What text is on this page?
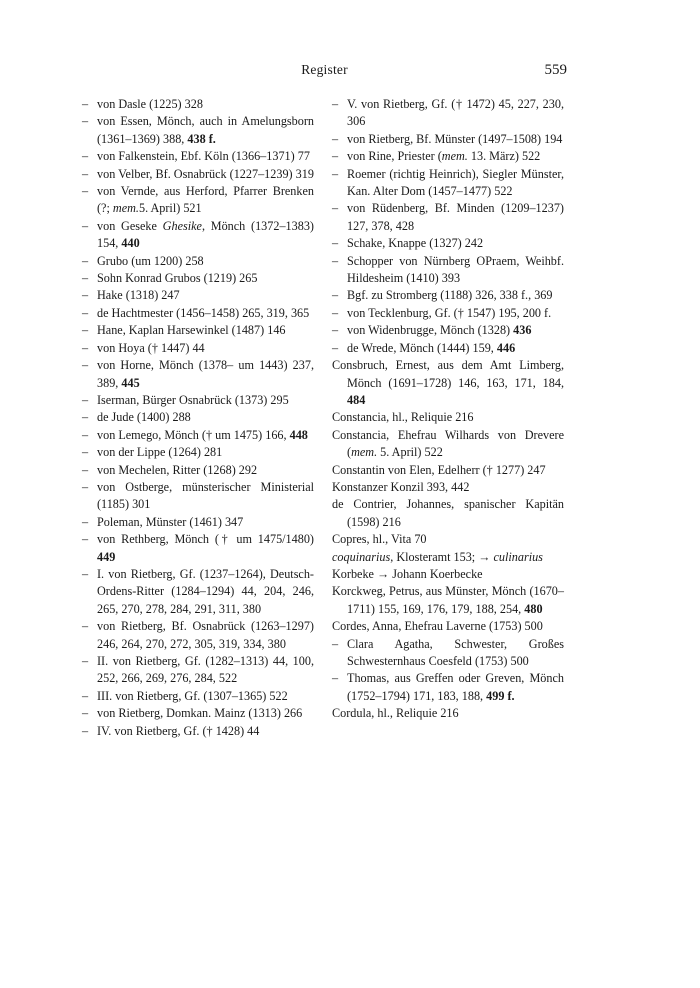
Register	559

– von Dasle (1225) 328

– von Essen, Mönch, auch in Amelungsborn (1361–1369) 388, 438 f.

– von Falkenstein, Ebf. Köln (1366–1371) 77

– von Velber, Bf. Osnabrück (1227–1239) 319

– von Vernde, aus Herford, Pfarrer Brenken (?; mem.5. April) 521

– von Geseke Ghesike, Mönch (1372–1383) 154, 440

– Grubo (um 1200) 258

– Sohn Konrad Grubos (1219) 265

– Hake (1318) 247

– de Hachtmester (1456–1458) 265, 319, 365

– Hane, Kaplan Harsewinkel (1487) 146

– von Hoya († 1447) 44

– von Horne, Mönch (1378– um 1443) 237, 389, 445

– Iserman, Bürger Osnabrück (1373) 295

– de Jude (1400) 288

– von Lemego, Mönch († um 1475) 166, 448

– von der Lippe (1264) 281

– von Mechelen, Ritter (1268) 292

– von Ostberge, münsterischer Ministerial (1185) 301

– Poleman, Münster (1461) 347

– von Rethberg, Mönch († um 1475/1480) 449

– I. von Rietberg, Gf. (1237–1264), Deutsch-Ordens-Ritter (1284–1294) 44, 204, 246, 265, 270, 278, 284, 291, 311, 380

– von Rietberg, Bf. Osnabrück (1263–1297) 246, 264, 270, 272, 305, 319, 334, 380

– II. von Rietberg, Gf. (1282–1313) 44, 100, 252, 266, 269, 276, 284, 522

– III. von Rietberg, Gf. (1307–1365) 522

– von Rietberg, Domkan. Mainz (1313) 266

– IV. von Rietberg, Gf. († 1428) 44

– V. von Rietberg, Gf. († 1472) 45, 227, 230, 306

– von Rietberg, Bf. Münster (1497–1508) 194

– von Rine, Priester (mem. 13. März) 522

– Roemer (richtig Heinrich), Siegler Münster, Kan. Alter Dom (1457–1477) 522

– von Rüdenberg, Bf. Minden (1209–1237) 127, 378, 428

– Schake, Knappe (1327) 242

– Schopper von Nürnberg OPraem, Weihbf. Hildesheim (1410) 393

– Bgf. zu Stromberg (1188) 326, 338 f., 369

– von Tecklenburg, Gf. († 1547) 195, 200 f.

– von Widenbrugge, Mönch (1328) 436

– de Wrede, Mönch (1444) 159, 446

Consbruch, Ernest, aus dem Amt Limberg, Mönch (1691–1728) 146, 163, 171, 184, 484

Constancia, hl., Reliquie 216

Constancia, Ehefrau Wilhards von Drevere (mem. 5. April) 522

Constantin von Elen, Edelherr († 1277) 247

Konstanzer Konzil 393, 442

de Contrier, Johannes, spanischer Kapitän (1598) 216

Copres, hl., Vita 70

coquinarius, Klosteramt 153; → culinarius

Korbeke → Johann Koerbecke

Korckweg, Petrus, aus Münster, Mönch (1670–1711) 155, 169, 176, 179, 188, 254, 480

Cordes, Anna, Ehefrau Laverne (1753) 500

– Clara Agatha, Schwester, Großes Schwesternhaus Coesfeld (1753) 500

– Thomas, aus Greffen oder Greven, Mönch (1752–1794) 171, 183, 188, 499 f.

Cordula, hl., Reliquie 216
